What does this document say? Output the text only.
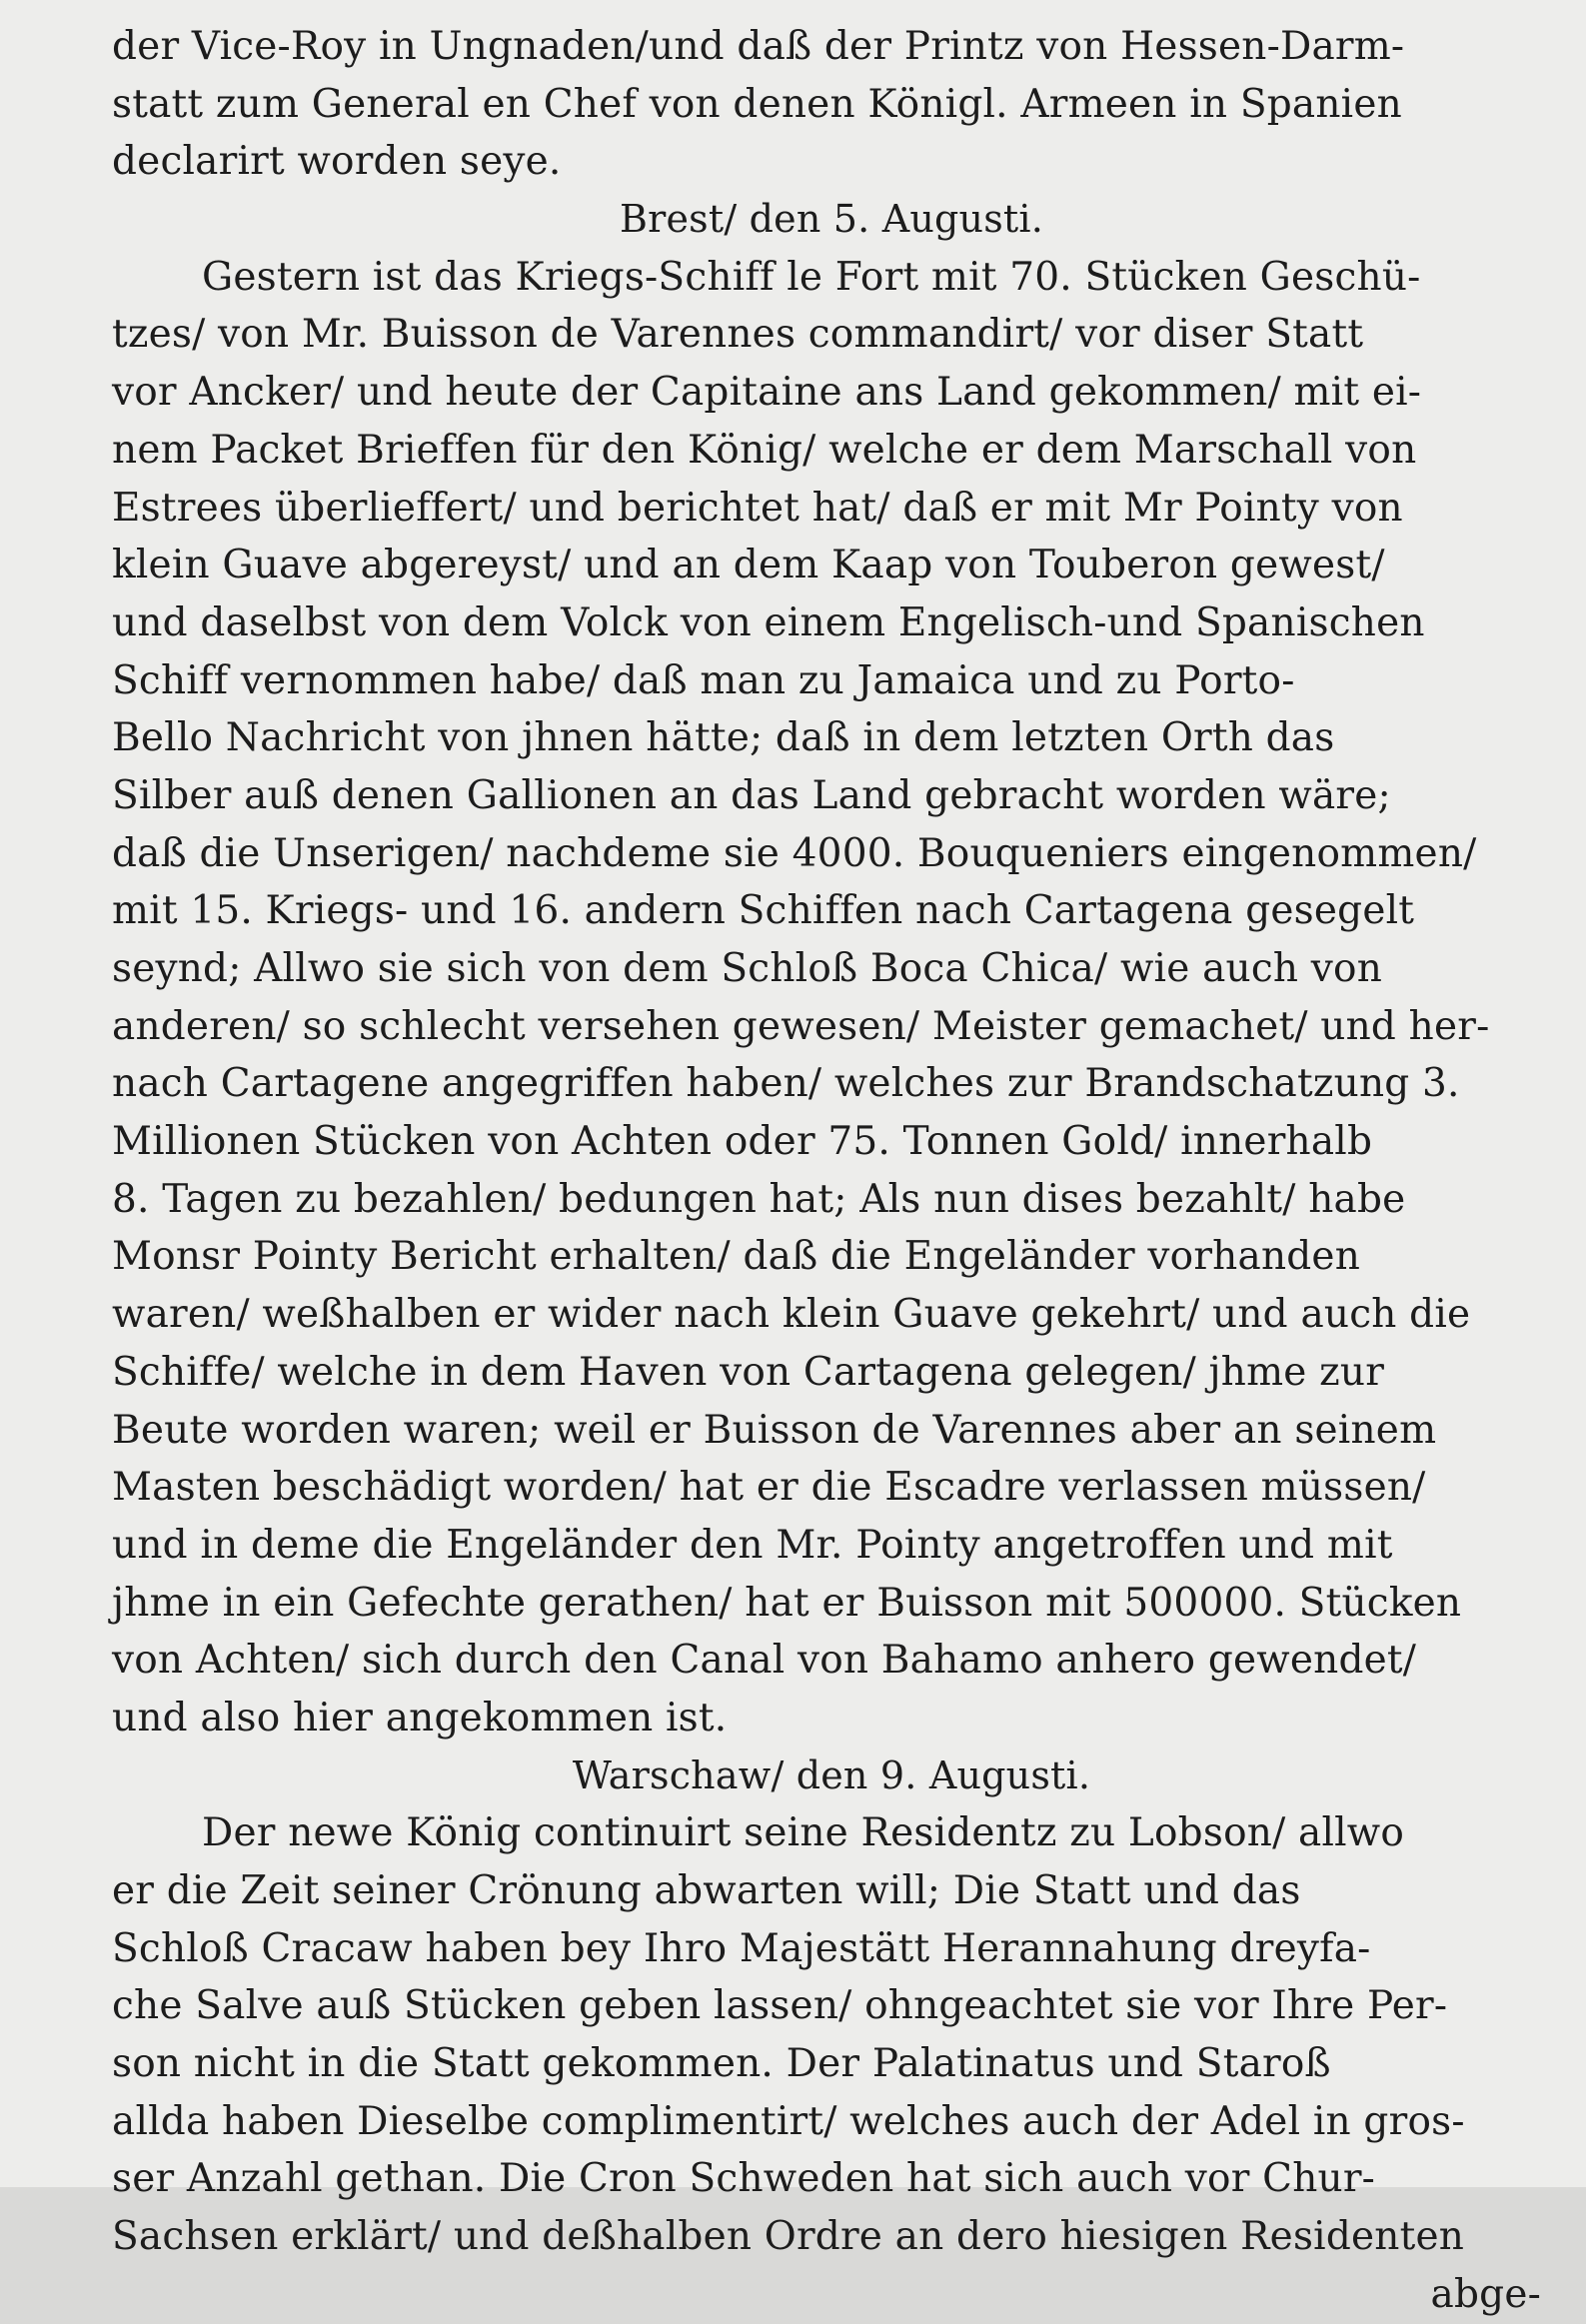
der Vice-Roy in Ungnaden/und daß der Printz von Hessen-Darm-
statt zum General en Chef von denen Königl. Armeen in Spanien
declarirt worden seye.
Brest/ den 5. Augusti.
Gestern ist das Kriegs-Schiff le Fort mit 70. Stücken Geschü-
tzes/ von Mr. Buisson de Varennes commandirt/ vor diser Statt
vor Ancker/ und heute der Capitaine ans Land gekommen/ mit ei-
nem Packet Brieffen für den König/ welche er dem Marschall von
Estrees überlieffert/ und berichtet hat/ daß er mit Mr Pointy von
klein Guave abgereyst/ und an dem Kaap von Touberon gewest/
und daselbst von dem Volck von einem Engelisch-und Spanischen
Schiff vernommen habe/ daß man zu Jamaica und zu Porto-
Bello Nachricht von jhnen hätte; daß in dem letzten Orth das
Silber auß denen Gallionen an das Land gebracht worden wäre;
daß die Unserigen/ nachdeme sie 4000. Bouqueniers eingenommen/
mit 15. Kriegs- und 16. andern Schiffen nach Cartagena gesegelt
seynd; Allwo sie sich von dem Schloß Boca Chica/ wie auch von
anderen/ so schlecht versehen gewesen/ Meister gemachet/ und her-
nach Cartagene angegriffen haben/ welches zur Brandschatzung 3.
Millionen Stücken von Achten oder 75. Tonnen Gold/ innerhalb
8. Tagen zu bezahlen/ bedungen hat; Als nun dises bezahlt/ habe
Monsr Pointy Bericht erhalten/ daß die Engeländer vorhanden
waren/ weßhalben er wider nach klein Guave gekehrt/ und auch die
Schiffe/ welche in dem Haven von Cartagena gelegen/ jhme zur
Beute worden waren; weil er Buisson de Varennes aber an seinem
Masten beschädigt worden/ hat er die Escadre verlassen müssen/
und in deme die Engeländer den Mr. Pointy angetroffen und mit
jhme in ein Gefechte gerathen/ hat er Buisson mit 500000. Stücken
von Achten/ sich durch den Canal von Bahamo anhero gewendet/
und also hier angekommen ist.
Warschaw/ den 9. Augusti.
Der newe König continuirt seine Residentz zu Lobson/ allwo
er die Zeit seiner Crönung abwarten will; Die Statt und das
Schloß Cracaw haben bey Ihro Majestätt Herannahung dreyfa-
che Salve auß Stücken geben lassen/ ohngeachtet sie vor Ihre Per-
son nicht in die Statt gekommen. Der Palatinatus und Staroß
allda haben Dieselbe complimentirt/ welches auch der Adel in gros-
ser Anzahl gethan. Die Cron Schweden hat sich auch vor Chur-
Sachsen erklärt/ und deßhalben Ordre an dero hiesigen Residenten
abge-
